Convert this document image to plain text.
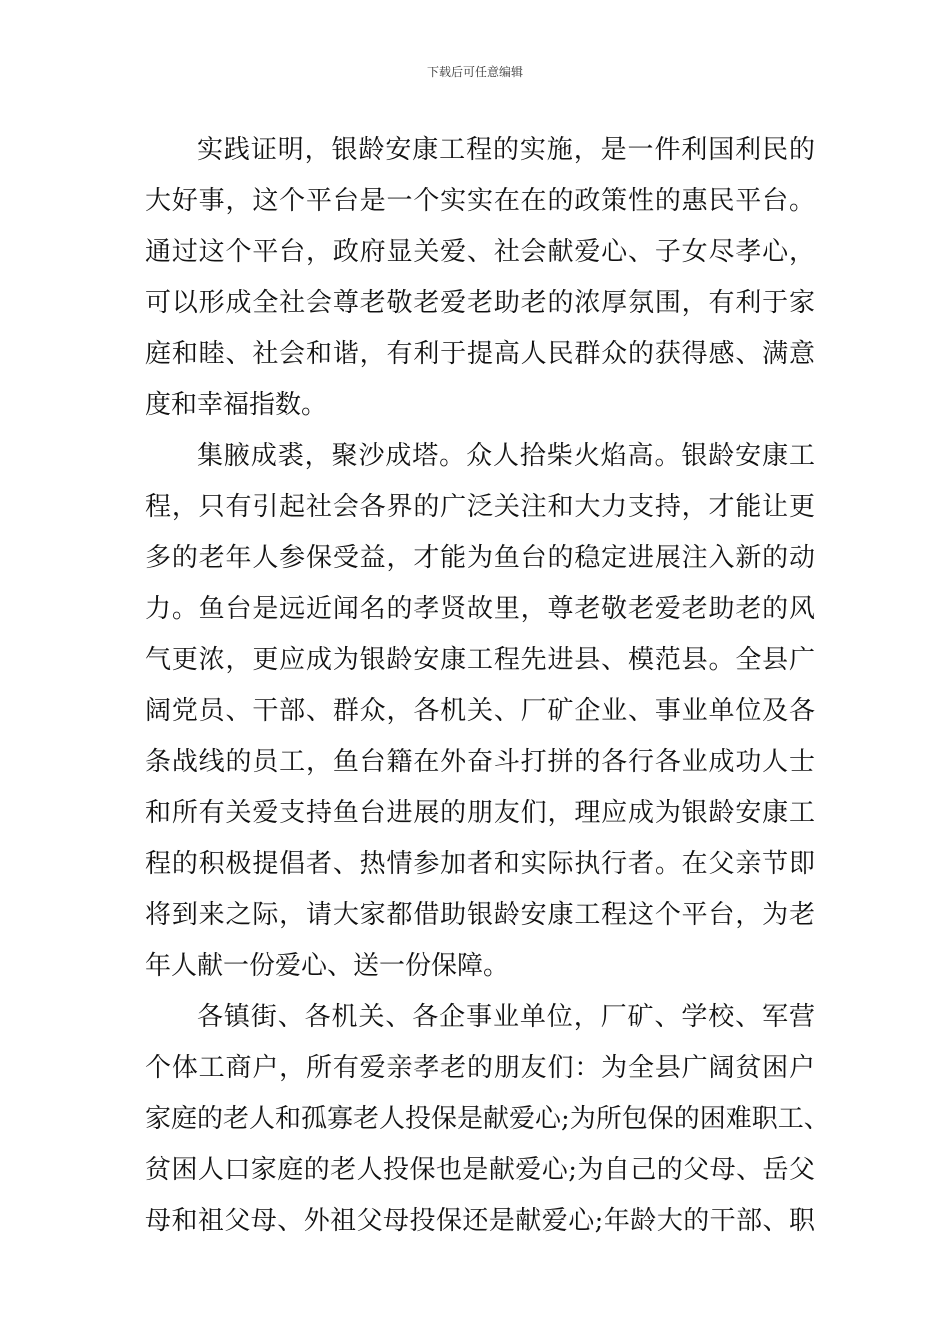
下载后可任意编辑
实践证明，银龄安康工程的实施，是一件利国利民的
大好事，这个平台是一个实实在在的政策性的惠民平台。
通过这个平台，政府显关爱、社会献爱心、子女尽孝心，
可以形成全社会尊老敬老爱老助老的浓厚氛围，有利于家
庭和睦、社会和谐，有利于提高人民群众的获得感、满意
度和幸福指数。
集腋成裘，聚沙成塔。众人拾柴火焰高。银龄安康工
程，只有引起社会各界的广泛关注和大力支持，才能让更
多的老年人参保受益，才能为鱼台的稳定进展注入新的动
力。鱼台是远近闻名的孝贤故里，尊老敬老爱老助老的风
气更浓，更应成为银龄安康工程先进县、模范县。全县广
阔党员、干部、群众，各机关、厂矿企业、事业单位及各
条战线的员工，鱼台籍在外奋斗打拼的各行各业成功人士
和所有关爱支持鱼台进展的朋友们，理应成为银龄安康工
程的积极提倡者、热情参加者和实际执行者。在父亲节即
将到来之际，请大家都借助银龄安康工程这个平台，为老
年人献一份爱心、送一份保障。
各镇街、各机关、各企事业单位，厂矿、学校、军营
个体工商户，所有爱亲孝老的朋友们：为全县广阔贫困户
家庭的老人和孤寡老人投保是献爱心;为所包保的困难职工、
贫困人口家庭的老人投保也是献爱心;为自己的父母、岳父
母和祖父母、外祖父母投保还是献爱心;年龄大的干部、职
